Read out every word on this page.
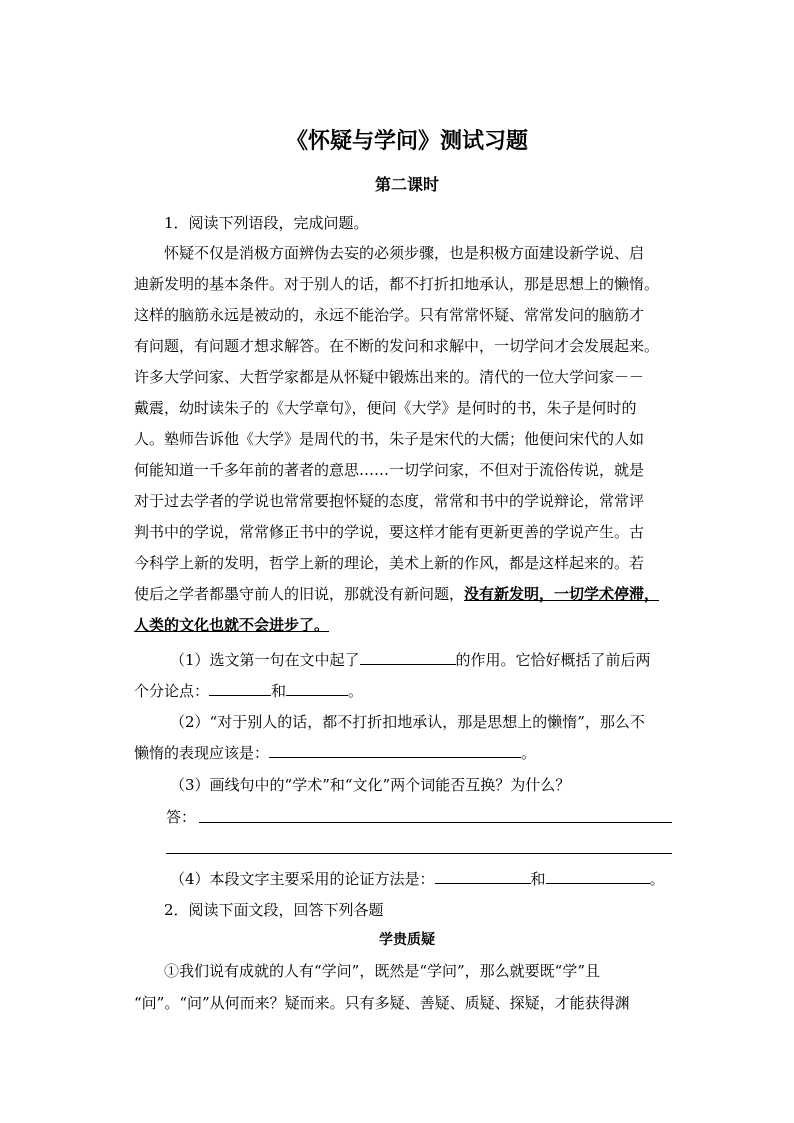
《怀疑与学问》测试习题
第二课时
1．阅读下列语段，完成问题。
怀疑不仅是消极方面辨伪去妄的必须步骤，也是积极方面建设新学说、启
迪新发明的基本条件。对于别人的话，都不打折扣地承认，那是思想上的懒惰。
这样的脑筋永远是被动的，永远不能治学。只有常常怀疑、常常发问的脑筋才
有问题，有问题才想求解答。在不断的发问和求解中，一切学问才会发展起来。
许多大学问家、大哲学家都是从怀疑中锻炼出来的。清代的一位大学问家－－
戴震，幼时读朱子的《大学章句》，便问《大学》是何时的书，朱子是何时的
人。塾师告诉他《大学》是周代的书，朱子是宋代的大儒；他便问宋代的人如
何能知道一千多年前的著者的意思……一切学问家，不但对于流俗传说，就是
对于过去学者的学说也常常要抱怀疑的态度，常常和书中的学说辩论，常常评
判书中的学说，常常修正书中的学说，要这样才能有更新更善的学说产生。古
今科学上新的发明，哲学上新的理论，美术上新的作风，都是这样起来的。若
使后之学者都墨守前人的旧说，那就没有新问题，没有新发明，一切学术停滞，
人类的文化也就不会进步了。
（1）选文第一句在文中起了	的作用。它恰好概括了前后两
个分论点：	和	。
（2）“对于别人的话，都不打折扣地承认，那是思想上的懒惰”，那么不
懒惰的表现应该是：	。
（3）画线句中的“学术”和“文化”两个词能否互换？为什么？
答：
（4）本段文字主要采用的论证方法是：	和	。
2．阅读下面文段，回答下列各题
学贵质疑
①我们说有成就的人有“学问”，既然是“学问”，那么就要既“学”且
“问”。“问”从何而来？疑而来。只有多疑、善疑、质疑、探疑，才能获得渊
